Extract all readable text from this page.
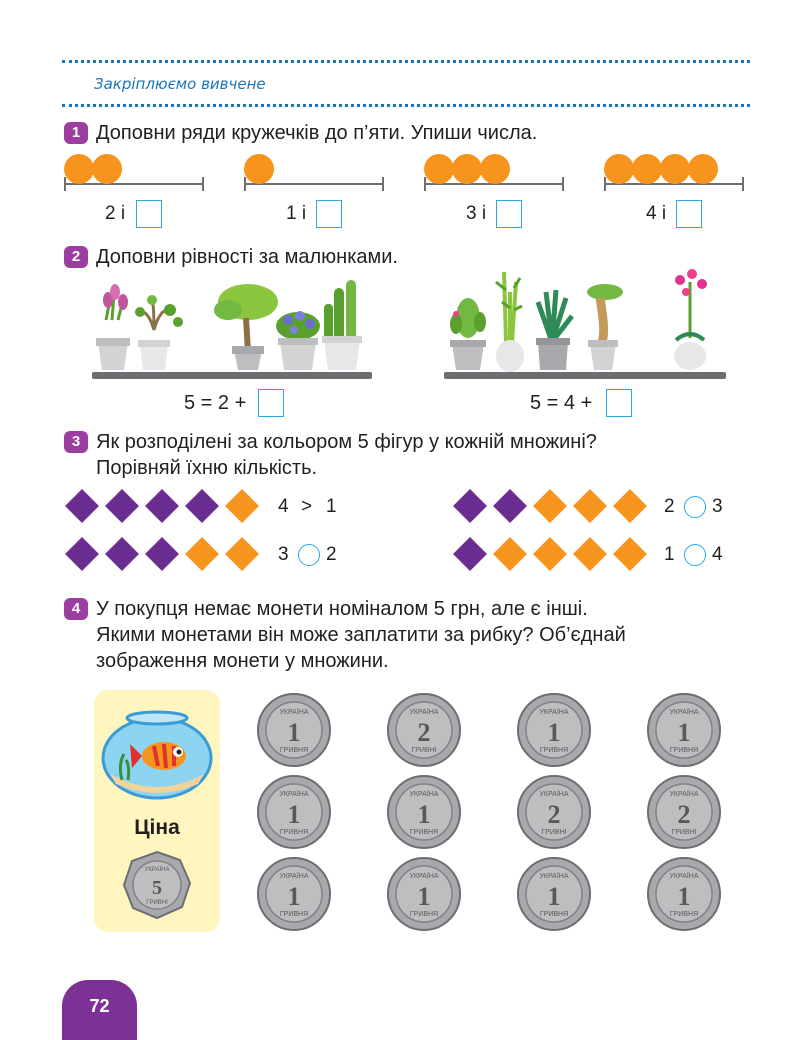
Закріплюємо вивчене
1 Доповни ряди кружечків до п’яти. Упиши числа.
2 і	1 і	3 і	4 і
2 Доповни рівності за малюнками.
5 = 2 +	5 = 4 +
3 Як розподілені за кольором 5 фігур у кожній множині?
Порівняй їхню кількість.
4 > 1	2 3
3 2	1 4
4 У покупця немає монети номіналом 5 грн, але є інші.
Якими монетами він може заплатити за рибку? Об’єднай
зображення монети у множини.
Ціна
УКРАЇНА
5
ГРИВНІ
УКРАЇНА
1
ГРИВНЯ
УКРАЇНА
2
ГРИВНІ
УКРАЇНА
1
ГРИВНЯ
УКРАЇНА
1
ГРИВНЯ
УКРАЇНА
1
ГРИВНЯ
УКРАЇНА
1
ГРИВНЯ
УКРАЇНА
2
ГРИВНІ
УКРАЇНА
2
ГРИВНІ
УКРАЇНА
1
ГРИВНЯ
УКРАЇНА
1
ГРИВНЯ
УКРАЇНА
1
ГРИВНЯ
УКРАЇНА
1
ГРИВНЯ
72
